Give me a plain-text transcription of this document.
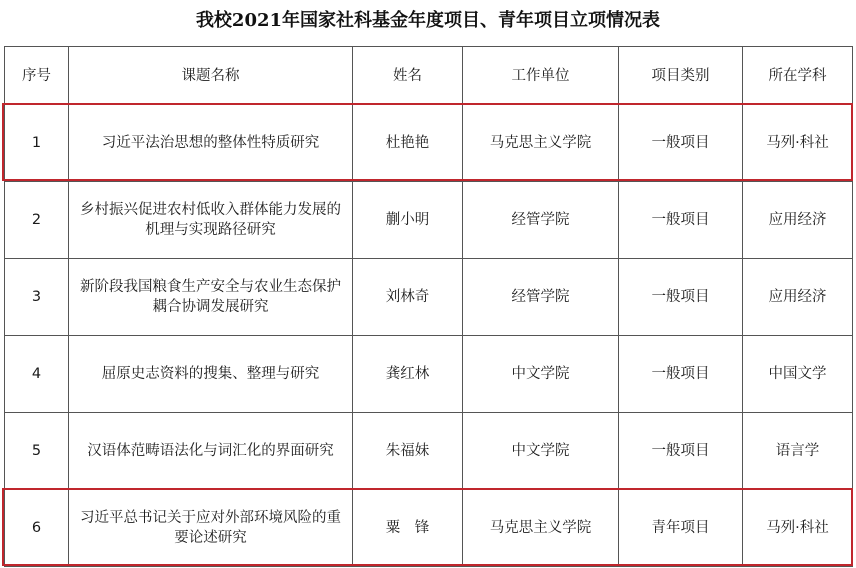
我校2021年国家社科基金年度项目、青年项目立项情况表
序号	课题名称	姓名	工作单位	项目类别	所在学科
1	习近平法治思想的整体性特质研究	杜艳艳	马克思主义学院	一般项目	马列·科社
2	乡村振兴促进农村低收入群体能力发展的机理与实现路径研究	蒯小明	经管学院	一般项目	应用经济
3	新阶段我国粮食生产安全与农业生态保护耦合协调发展研究	刘林奇	经管学院	一般项目	应用经济
4	屈原史志资料的搜集、整理与研究	龚红林	中文学院	一般项目	中国文学
5	汉语体范畴语法化与词汇化的界面研究	朱福妹	中文学院	一般项目	语言学
6	习近平总书记关于应对外部环境风险的重要论述研究	粟　锋	马克思主义学院	青年项目	马列·科社
